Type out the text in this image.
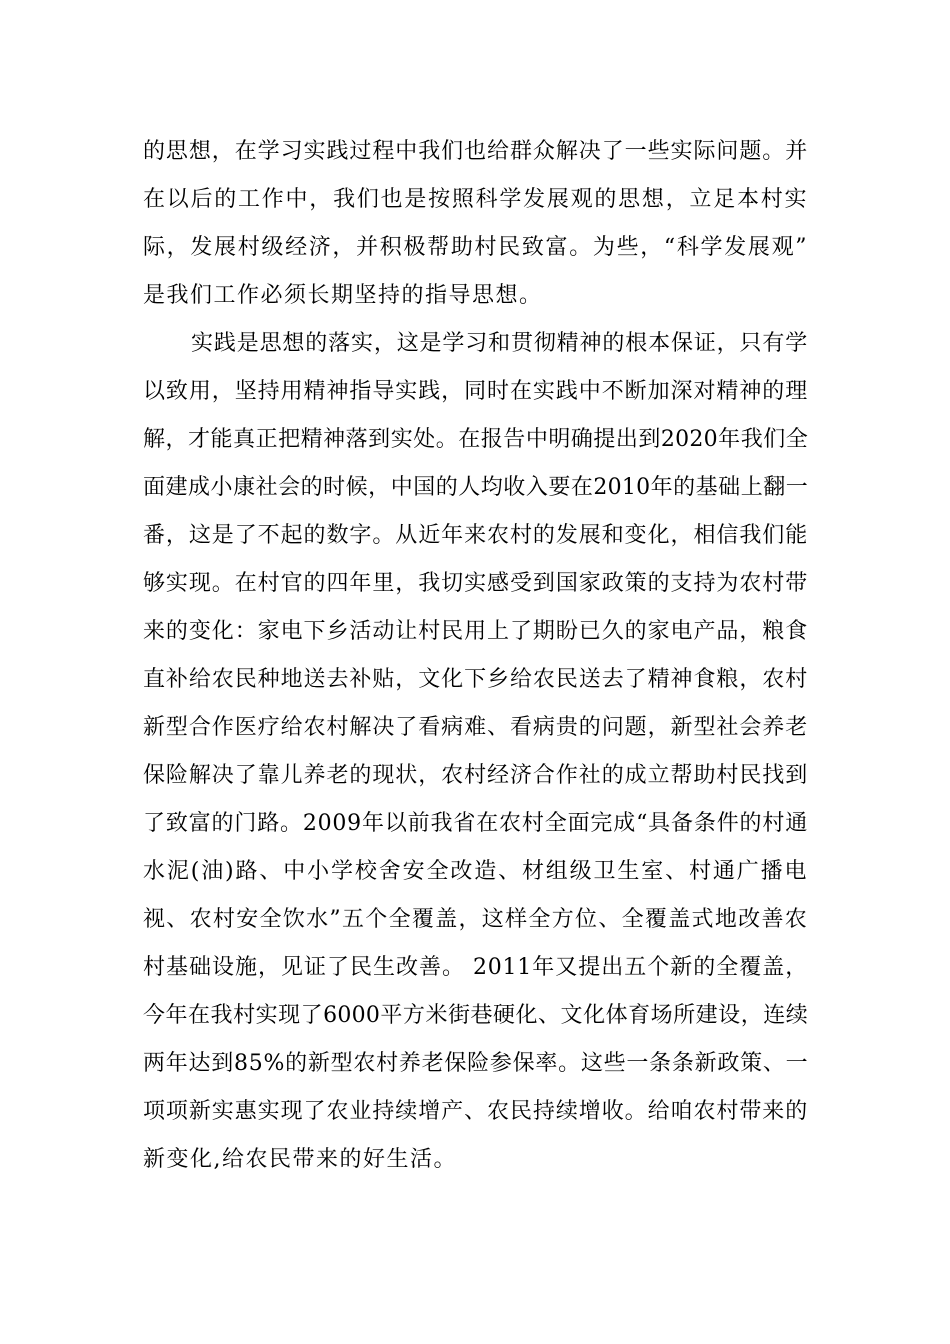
的思想，在学习实践过程中我们也给群众解决了一些实际问题。并
在以后的工作中，我们也是按照科学发展观的思想，立足本村实
际，发展村级经济，并积极帮助村民致富。为些，“科学发展观”
是我们工作必须长期坚持的指导思想。
实践是思想的落实，这是学习和贯彻精神的根本保证，只有学
以致用，坚持用精神指导实践，同时在实践中不断加深对精神的理
解，才能真正把精神落到实处。在报告中明确提出到2020年我们全
面建成小康社会的时候，中国的人均收入要在2010年的基础上翻一
番，这是了不起的数字。从近年来农村的发展和变化，相信我们能
够实现。在村官的四年里，我切实感受到国家政策的支持为农村带
来的变化：家电下乡活动让村民用上了期盼已久的家电产品，粮食
直补给农民种地送去补贴，文化下乡给农民送去了精神食粮，农村
新型合作医疗给农村解决了看病难、看病贵的问题，新型社会养老
保险解决了靠儿养老的现状，农村经济合作社的成立帮助村民找到
了致富的门路。2009年以前我省在农村全面完成“具备条件的村通
水泥(油)路、中小学校舍安全改造、材组级卫生室、村通广播电
视、农村安全饮水”五个全覆盖，这样全方位、全覆盖式地改善农
村基础设施，见证了民生改善。 2011年又提出五个新的全覆盖，
今年在我村实现了6000平方米街巷硬化、文化体育场所建设，连续
两年达到85%的新型农村养老保险参保率。这些一条条新政策、一
项项新实惠实现了农业持续增产、农民持续增收。给咱农村带来的
新变化,给农民带来的好生活。
